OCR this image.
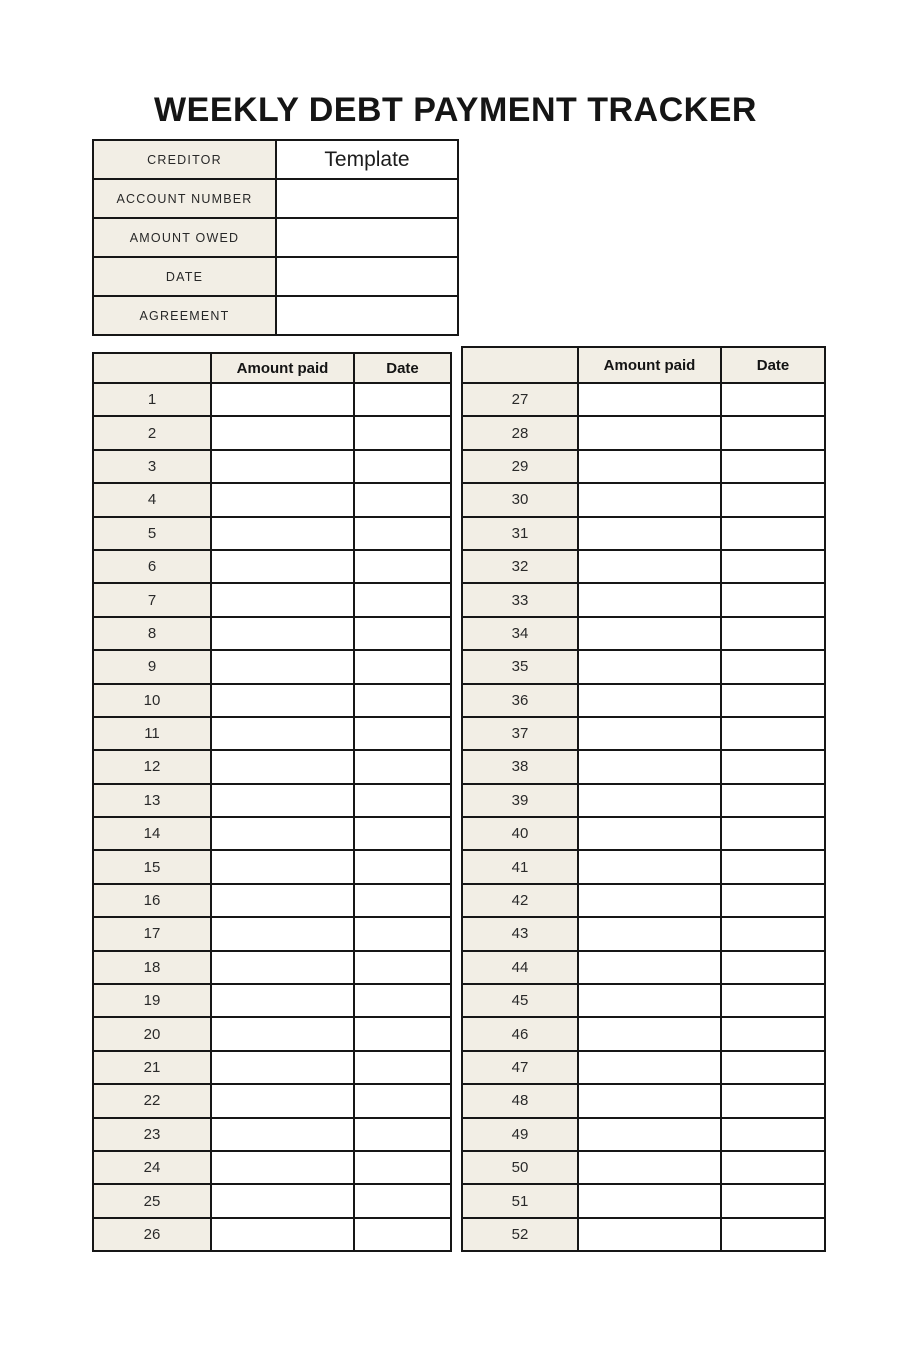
WEEKLY DEBT PAYMENT TRACKER
CREDITOR	Template
ACCOUNT NUMBER	
AMOUNT OWED	
DATE	
AGREEMENT	
	Amount paid	Date
1		
2		
3		
4		
5		
6		
7		
8		
9		
10		
11		
12		
13		
14		
15		
16		
17		
18		
19		
20		
21		
22		
23		
24		
25		
26		
	Amount paid	Date
27		
28		
29		
30		
31		
32		
33		
34		
35		
36		
37		
38		
39		
40		
41		
42		
43		
44		
45		
46		
47		
48		
49		
50		
51		
52		
